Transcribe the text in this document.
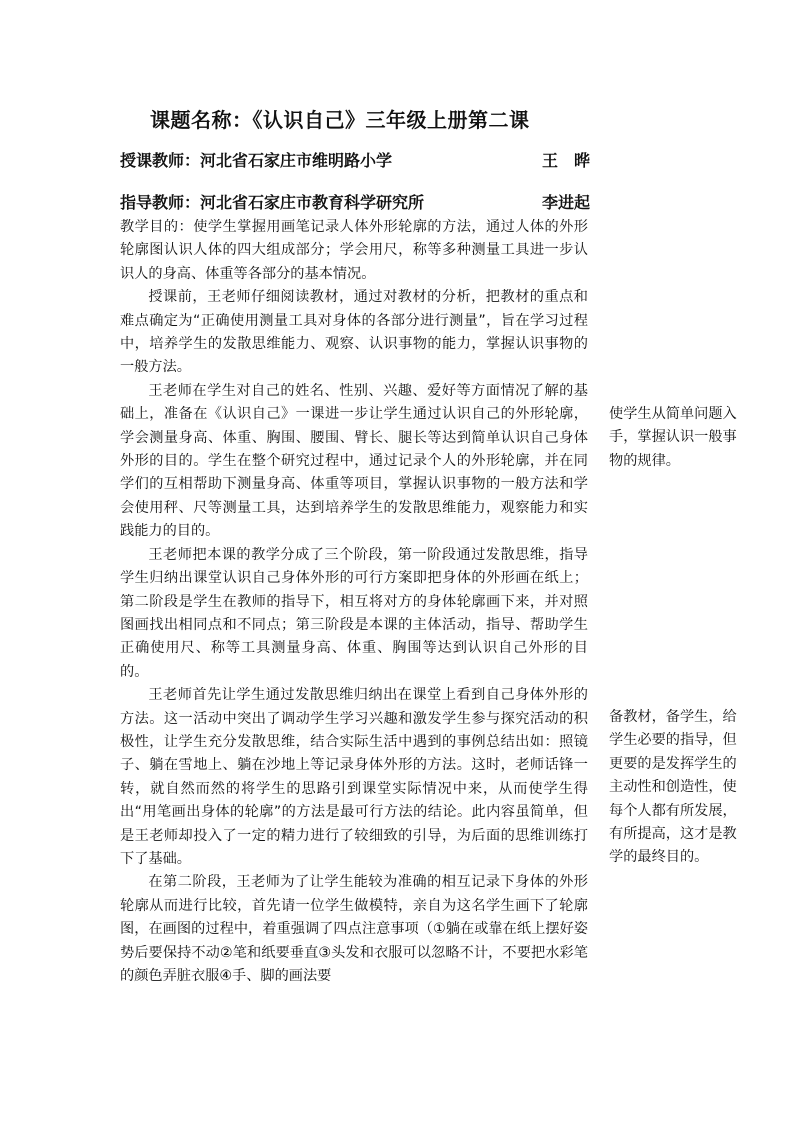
课题名称：《认识自己》三年级上册第二课
授课教师：河北省石家庄市维明路小学	王　晔
指导教师：河北省石家庄市教育科学研究所	李进起

教学目的：使学生掌握用画笔记录人体外形轮廓的方法，通过人体的外形轮廓图认识人体的四大组成部分；学会用尺，称等多种测量工具进一步认识人的身高、体重等各部分的基本情况。

授课前，王老师仔细阅读教材，通过对教材的分析，把教材的重点和难点确定为“正确使用测量工具对身体的各部分进行测量”，旨在学习过程中，培养学生的发散思维能力、观察、认识事物的能力，掌握认识事物的一般方法。

王老师在学生对自己的姓名、性别、兴趣、爱好等方面情况了解的基础上，准备在《认识自己》一课进一步让学生通过认识自己的外形轮廓，学会测量身高、体重、胸围、腰围、臂长、腿长等达到简单认识自己身体外形的目的。学生在整个研究过程中，通过记录个人的外形轮廓，并在同学们的互相帮助下测量身高、体重等项目，掌握认识事物的一般方法和学会使用秤、尺等测量工具，达到培养学生的发散思维能力，观察能力和实践能力的目的。

王老师把本课的教学分成了三个阶段，第一阶段通过发散思维，指导学生归纳出课堂认识自己身体外形的可行方案即把身体的外形画在纸上；第二阶段是学生在教师的指导下，相互将对方的身体轮廓画下来，并对照图画找出相同点和不同点；第三阶段是本课的主体活动，指导、帮助学生正确使用尺、称等工具测量身高、体重、胸围等达到认识自己外形的目的。

王老师首先让学生通过发散思维归纳出在课堂上看到自己身体外形的方法。这一活动中突出了调动学生学习兴趣和激发学生参与探究活动的积极性，让学生充分发散思维，结合实际生活中遇到的事例总结出如：照镜子、躺在雪地上、躺在沙地上等记录身体外形的方法。这时，老师话锋一转，就自然而然的将学生的思路引到课堂实际情况中来，从而使学生得出“用笔画出身体的轮廓”的方法是最可行方法的结论。此内容虽简单，但是王老师却投入了一定的精力进行了较细致的引导，为后面的思维训练打下了基础。

在第二阶段，王老师为了让学生能较为准确的相互记录下身体的外形轮廓从而进行比较，首先请一位学生做模特，亲自为这名学生画下了轮廓图，在画图的过程中，着重强调了四点注意事项（①躺在或靠在纸上摆好姿势后要保持不动②笔和纸要垂直③头发和衣服可以忽略不计，不要把水彩笔的颜色弄脏衣服④手、脚的画法要

使学生从简单问题入手，掌握认识一般事物的规律。
备教材，备学生，给学生必要的指导，但更要的是发挥学生的主动性和创造性，使每个人都有所发展，有所提高，这才是教学的最终目的。
